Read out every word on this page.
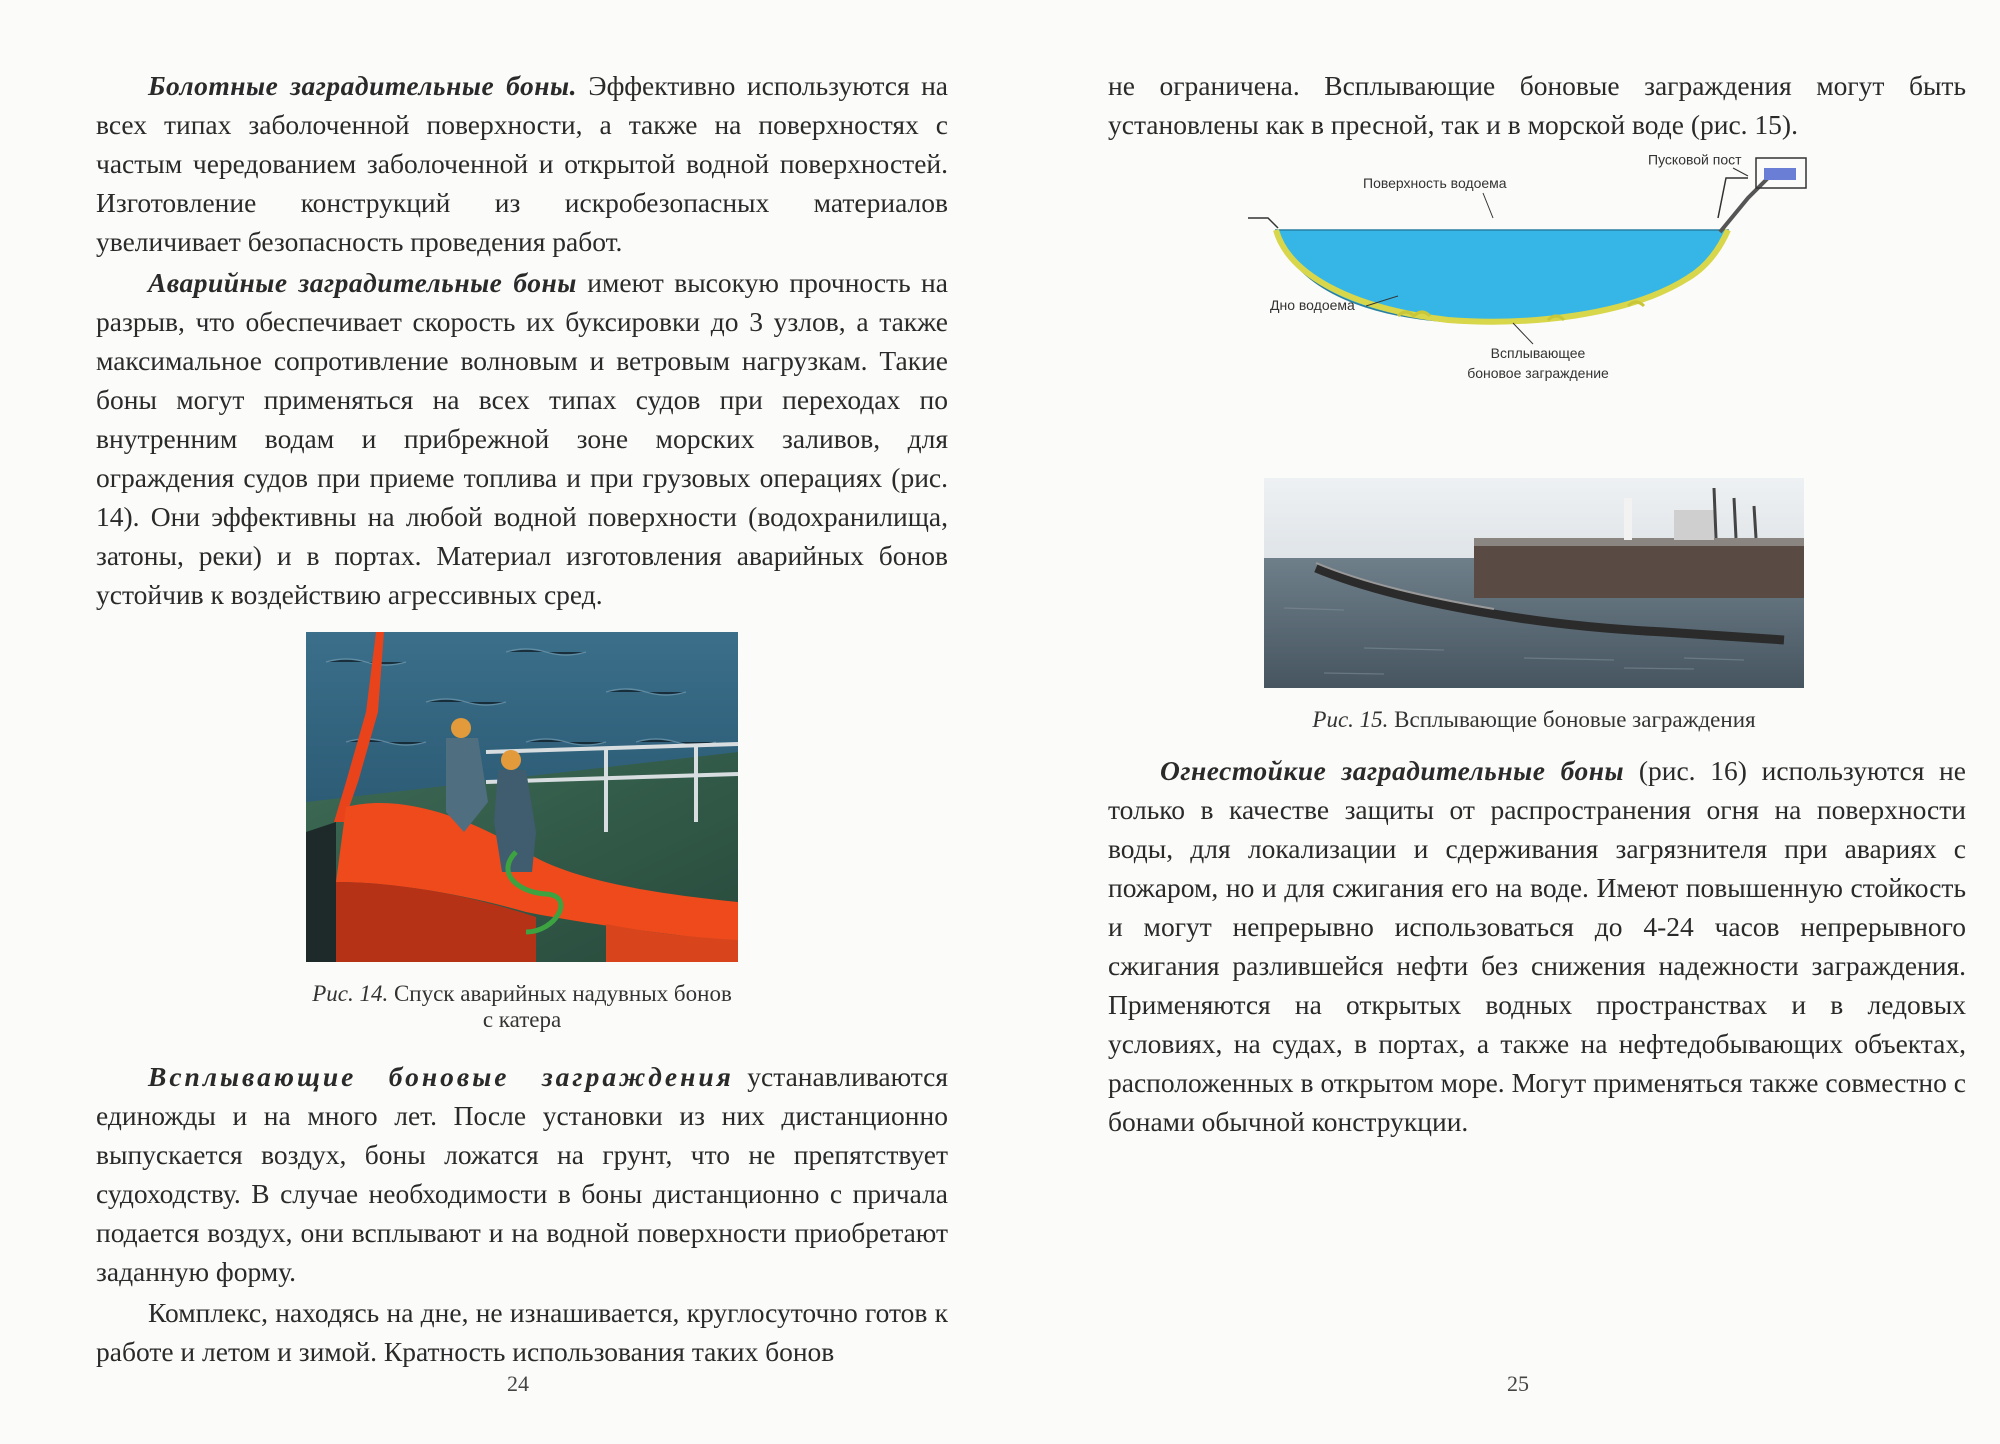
Болотные заградительные боны. Эффективно используются на всех типах заболоченной поверхности, а также на поверхностях с частым чередованием заболоченной и открытой водной поверхностей. Изготовление конструкций из искробезопасных материалов увеличивает безопасность проведения работ.

Аварийные заградительные боны имеют высокую прочность на разрыв, что обеспечивает скорость их буксировки до 3 узлов, а также максимальное сопротивление волновым и ветровым нагрузкам. Такие боны могут применяться на всех типах судов при переходах по внутренним водам и прибрежной зоне морских заливов, для ограждения судов при приеме топлива и при грузовых операциях (рис. 14). Они эффективны на любой водной поверхности (водохранилища, затоны, реки) и в портах. Материал изготовления аварийных бонов устойчив к воздействию агрессивных сред.

Рис. 14. Спуск аварийных надувных бонов с катера

Всплывающие боновые заграждения устанавливаются единожды и на много лет. После установки из них дистанционно выпускается воздух, боны ложатся на грунт, что не препятствует судоходству. В случае необходимости в боны дистанционно с причала подается воздух, они всплывают и на водной поверхности приобретают заданную форму.

Комплекс, находясь на дне, не изнашивается, круглосуточно готов к работе и летом и зимой. Кратность использования таких бонов

24

не ограничена. Всплывающие боновые заграждения могут быть установлены как в пресной, так и в морской воде (рис. 15).

Пусковой пост
Поверхность водоема
Дно водоема
Всплывающее
боновое заграждение
Рис. 15. Всплывающие боновые заграждения

Огнестойкие заградительные боны (рис. 16) используются не только в качестве защиты от распространения огня на поверхности воды, для локализации и сдерживания загрязнителя при авариях с пожаром, но и для сжигания его на воде. Имеют повышенную стойкость и могут непрерывно использоваться до 4-24 часов непрерывного сжигания разлившейся нефти без снижения надежности заграждения. Применяются на открытых водных пространствах и в ледовых условиях, на судах, в портах, а также на нефтедобывающих объектах, расположенных в открытом море. Могут применяться также совместно с бонами обычной конструкции.

25
